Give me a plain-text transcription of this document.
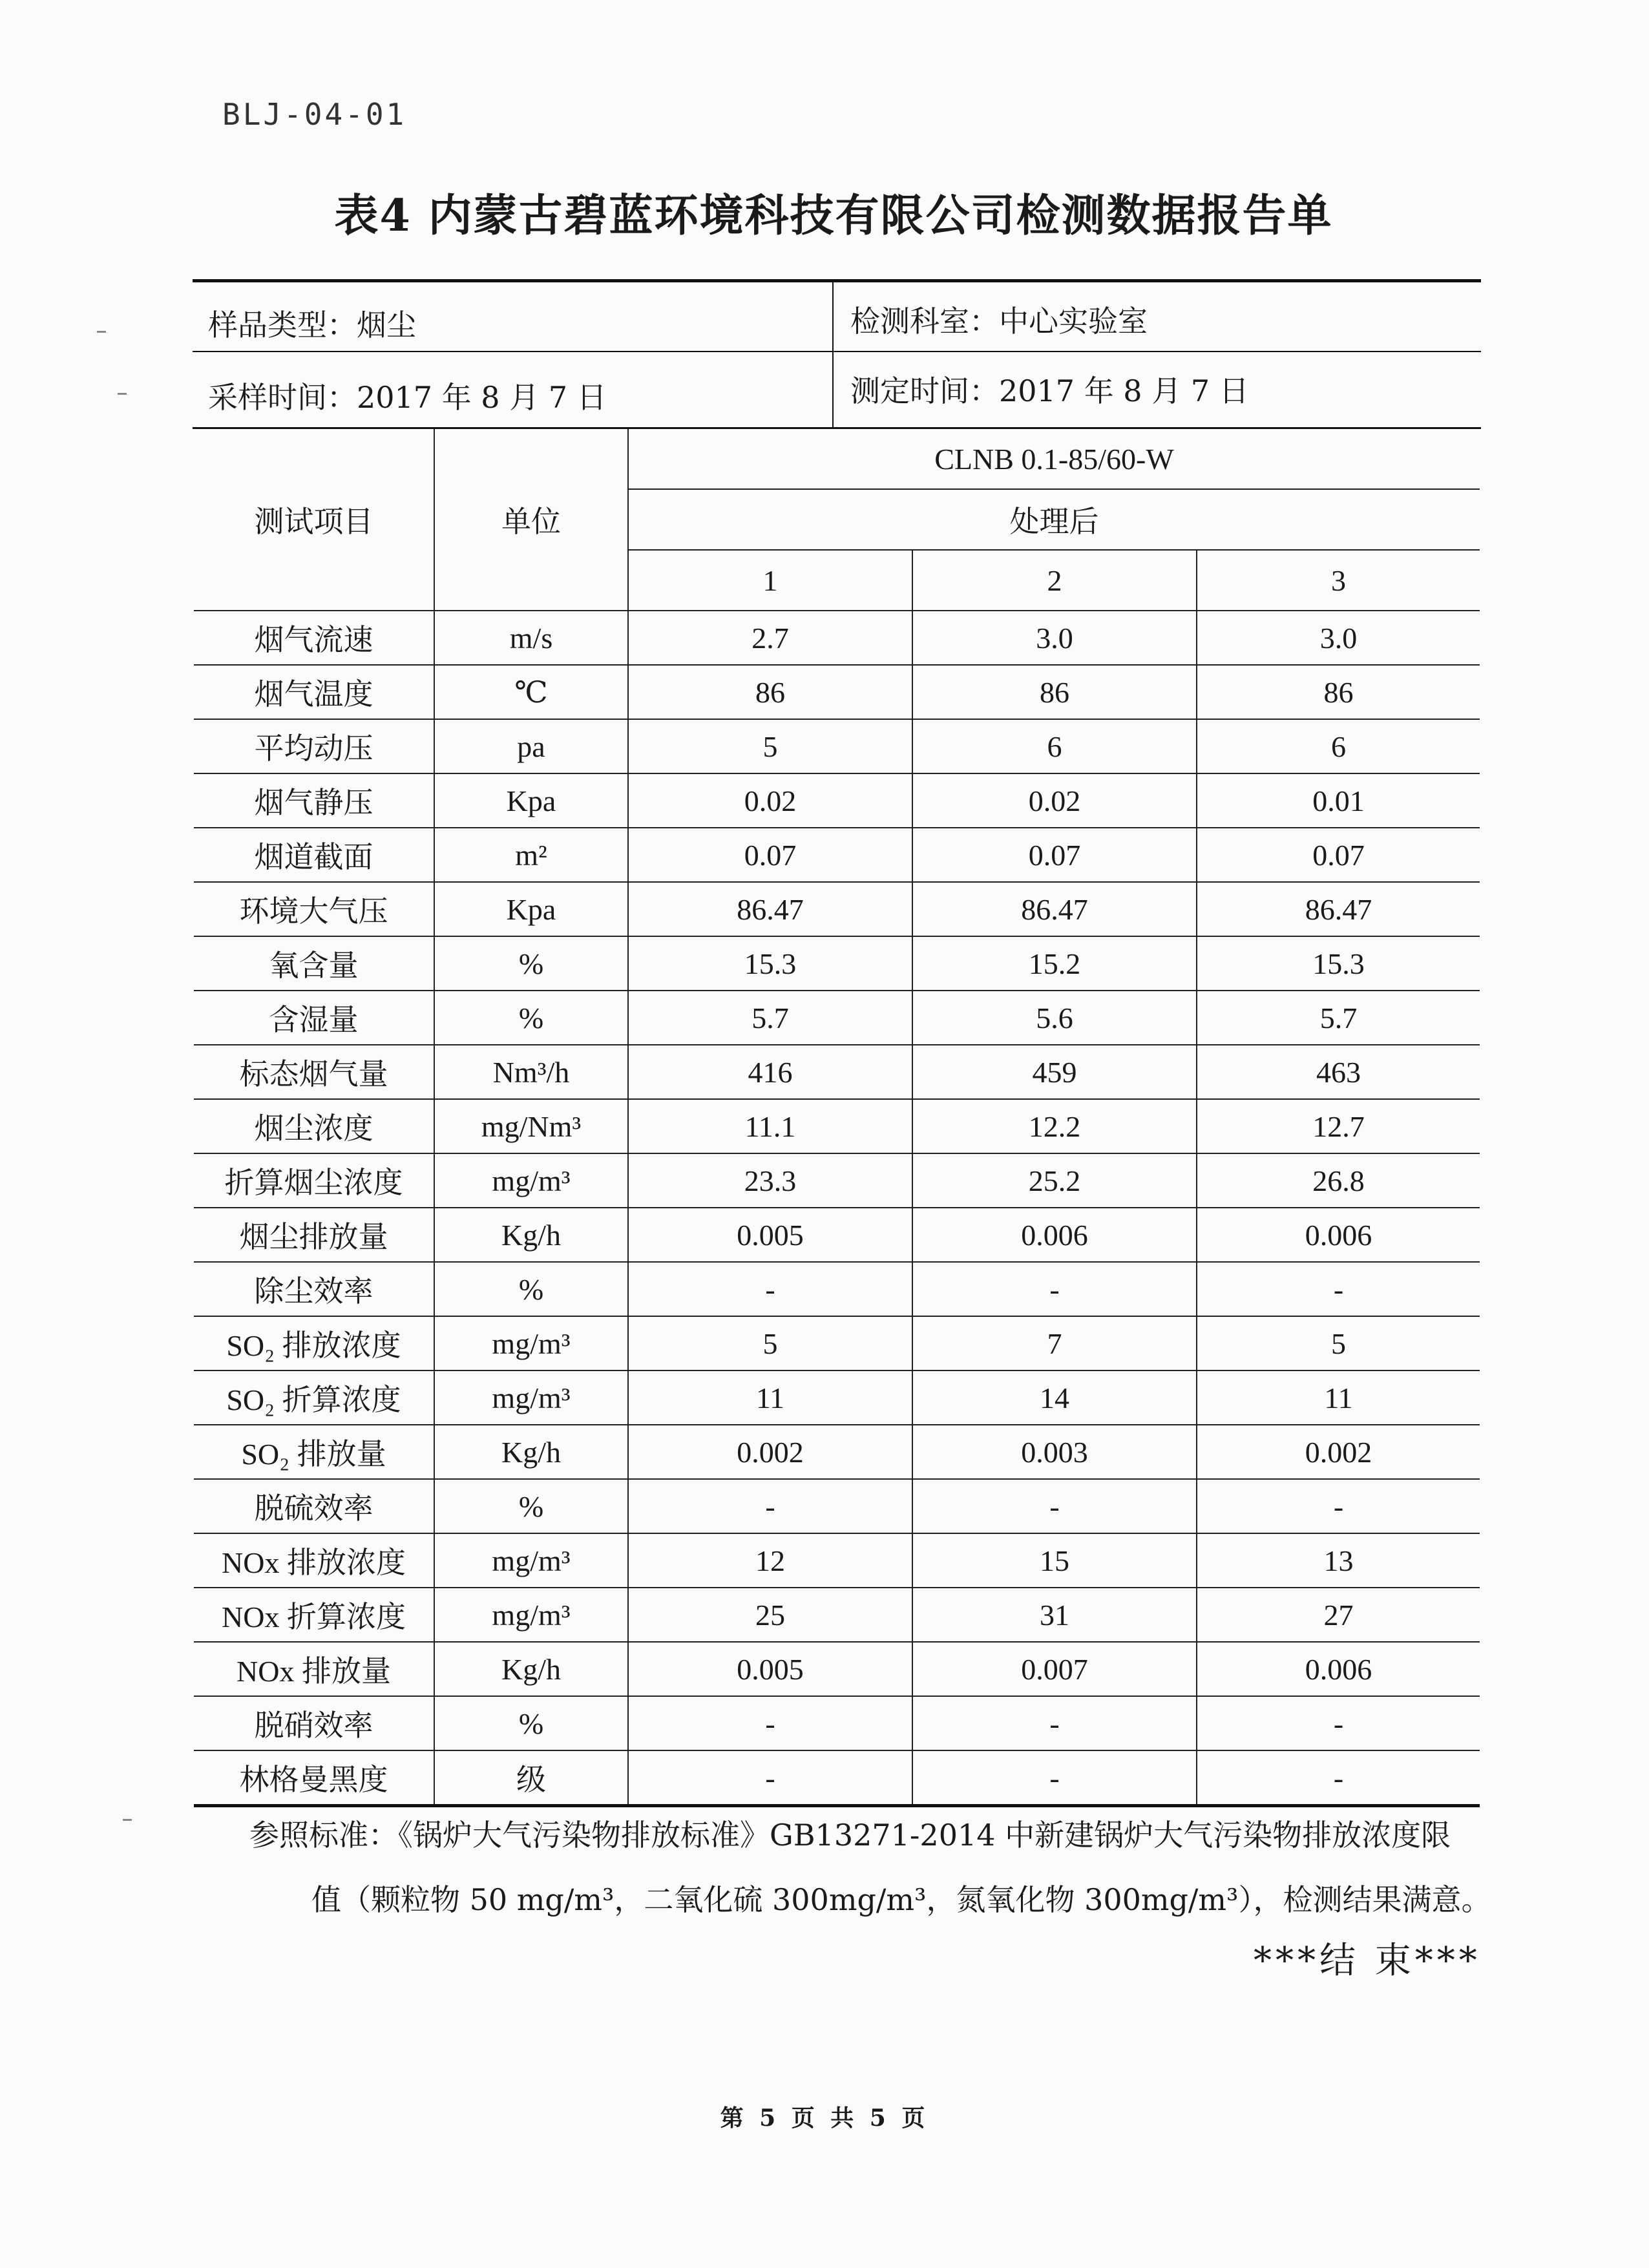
BLJ-04-01
表4 内蒙古碧蓝环境科技有限公司检测数据报告单
样品类型：烟尘	检测科室：中心实验室
采样时间：2017 年 8 月 7 日	测定时间：2017 年 8 月 7 日
测试项目	单位	CLNB 0.1-85/60-W		
		处理后		
		1	2	3
烟气流速	m/s	2.7	3.0	3.0
烟气温度	℃	86	86	86
平均动压	pa	5	6	6
烟气静压	Kpa	0.02	0.02	0.01
烟道截面	m²	0.07	0.07	0.07
环境大气压	Kpa	86.47	86.47	86.47
氧含量	%	15.3	15.2	15.3
含湿量	%	5.7	5.6	5.7
标态烟气量	Nm³/h	416	459	463
烟尘浓度	mg/Nm³	11.1	12.2	12.7
折算烟尘浓度	mg/m³	23.3	25.2	26.8
烟尘排放量	Kg/h	0.005	0.006	0.006
除尘效率	%	-	-	-
SO₂ 排放浓度	mg/m³	5	7	5
SO₂ 折算浓度	mg/m³	11	14	11
SO₂ 排放量	Kg/h	0.002	0.003	0.002
脱硫效率	%	-	-	-
NOx 排放浓度	mg/m³	12	15	13
NOx 折算浓度	mg/m³	25	31	27
NOx 排放量	Kg/h	0.005	0.007	0.006
脱硝效率	%	-	-	-
林格曼黑度	级	-	-	-
参照标准：《锅炉大气污染物排放标准》GB13271-2014 中新建锅炉大气污染物排放浓度限
值（颗粒物 50 mg/m³，二氧化硫 300mg/m³，氮氧化物 300mg/m³），检测结果满意。
***结 束***
第 5 页 共 5 页
